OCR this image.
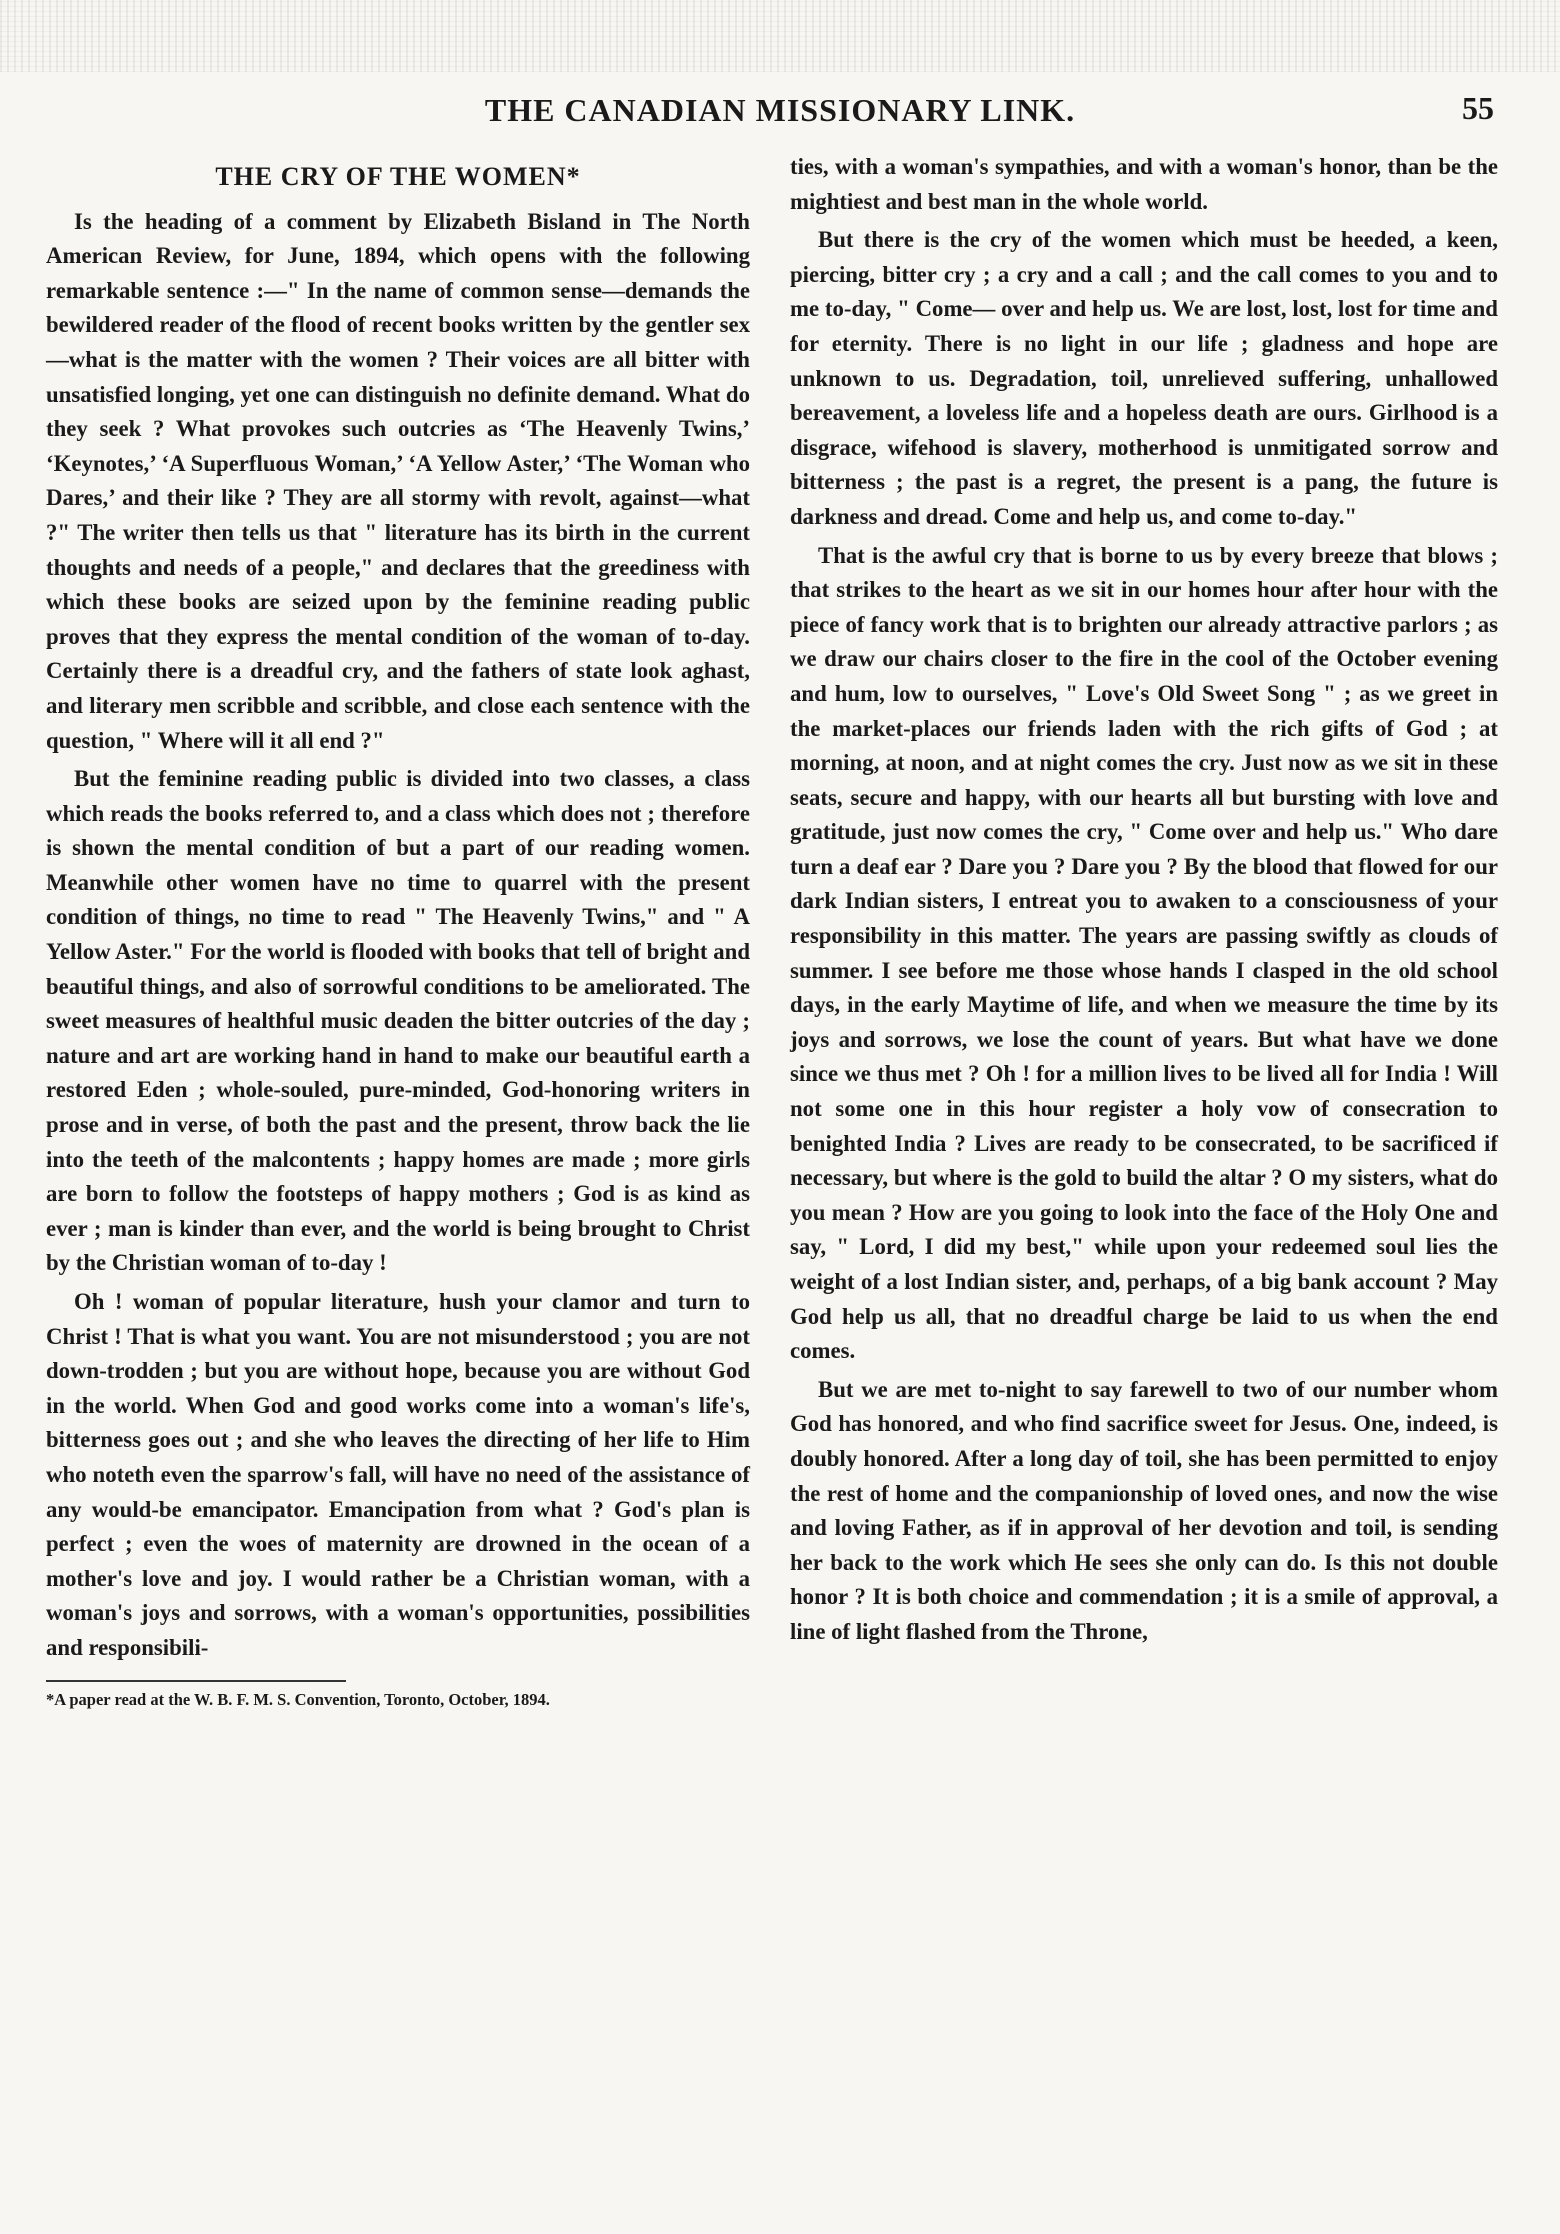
THE CANADIAN MISSIONARY LINK.	55
THE CRY OF THE WOMEN*

Is the heading of a comment by Elizabeth Bisland in The North American Review, for June, 1894, which opens with the following remarkable sentence :—" In the name of common sense—demands the bewildered reader of the flood of recent books written by the gentler sex—what is the matter with the women ? Their voices are all bitter with unsatisfied longing, yet one can distinguish no definite demand. What do they seek ? What provokes such outcries as ‘The Heavenly Twins,’ ‘Keynotes,’ ‘A Superfluous Woman,’ ‘A Yellow Aster,’ ‘The Woman who Dares,’ and their like ? They are all stormy with revolt, against—what ?" The writer then tells us that " literature has its birth in the current thoughts and needs of a people," and declares that the greediness with which these books are seized upon by the feminine reading public proves that they express the mental condition of the woman of to-day. Certainly there is a dreadful cry, and the fathers of state look aghast, and literary men scribble and scribble, and close each sentence with the question, " Where will it all end ?"

But the feminine reading public is divided into two classes, a class which reads the books referred to, and a class which does not ; therefore is shown the mental condition of but a part of our reading women. Meanwhile other women have no time to quarrel with the present condition of things, no time to read " The Heavenly Twins," and " A Yellow Aster." For the world is flooded with books that tell of bright and beautiful things, and also of sorrowful conditions to be ameliorated. The sweet measures of healthful music deaden the bitter outcries of the day ; nature and art are working hand in hand to make our beautiful earth a restored Eden ; whole-souled, pure-minded, God-honoring writers in prose and in verse, of both the past and the present, throw back the lie into the teeth of the malcontents ; happy homes are made ; more girls are born to follow the footsteps of happy mothers ; God is as kind as ever ; man is kinder than ever, and the world is being brought to Christ by the Christian woman of to-day !

Oh ! woman of popular literature, hush your clamor and turn to Christ ! That is what you want. You are not misunderstood ; you are not down-trodden ; but you are without hope, because you are without God in the world. When God and good works come into a woman's life's, bitterness goes out ; and she who leaves the directing of her life to Him who noteth even the sparrow's fall, will have no need of the assistance of any would-be emancipator. Emancipation from what ? God's plan is perfect ; even the woes of maternity are drowned in the ocean of a mother's love and joy. I would rather be a Christian woman, with a woman's joys and sorrows, with a woman's opportunities, possibilities and responsibili-

*A paper read at the W. B. F. M. S. Convention, Toronto, October, 1894.

ties, with a woman's sympathies, and with a woman's honor, than be the mightiest and best man in the whole world.

But there is the cry of the women which must be heeded, a keen, piercing, bitter cry ; a cry and a call ; and the call comes to you and to me to-day, " Come— over and help us. We are lost, lost, lost for time and for eternity. There is no light in our life ; gladness and hope are unknown to us. Degradation, toil, unrelieved suffering, unhallowed bereavement, a loveless life and a hopeless death are ours. Girlhood is a disgrace, wifehood is slavery, motherhood is unmitigated sorrow and bitterness ; the past is a regret, the present is a pang, the future is darkness and dread. Come and help us, and come to-day."

That is the awful cry that is borne to us by every breeze that blows ; that strikes to the heart as we sit in our homes hour after hour with the piece of fancy work that is to brighten our already attractive parlors ; as we draw our chairs closer to the fire in the cool of the October evening and hum, low to ourselves, " Love's Old Sweet Song " ; as we greet in the market-places our friends laden with the rich gifts of God ; at morning, at noon, and at night comes the cry. Just now as we sit in these seats, secure and happy, with our hearts all but bursting with love and gratitude, just now comes the cry, " Come over and help us." Who dare turn a deaf ear ? Dare you ? Dare you ? By the blood that flowed for our dark Indian sisters, I entreat you to awaken to a consciousness of your responsibility in this matter. The years are passing swiftly as clouds of summer. I see before me those whose hands I clasped in the old school days, in the early Maytime of life, and when we measure the time by its joys and sorrows, we lose the count of years. But what have we done since we thus met ? Oh ! for a million lives to be lived all for India ! Will not some one in this hour register a holy vow of consecration to benighted India ? Lives are ready to be consecrated, to be sacrificed if necessary, but where is the gold to build the altar ? O my sisters, what do you mean ? How are you going to look into the face of the Holy One and say, " Lord, I did my best," while upon your redeemed soul lies the weight of a lost Indian sister, and, perhaps, of a big bank account ? May God help us all, that no dreadful charge be laid to us when the end comes.

But we are met to-night to say farewell to two of our number whom God has honored, and who find sacrifice sweet for Jesus. One, indeed, is doubly honored. After a long day of toil, she has been permitted to enjoy the rest of home and the companionship of loved ones, and now the wise and loving Father, as if in approval of her devotion and toil, is sending her back to the work which He sees she only can do. Is this not double honor ? It is both choice and commendation ; it is a smile of approval, a line of light flashed from the Throne,
